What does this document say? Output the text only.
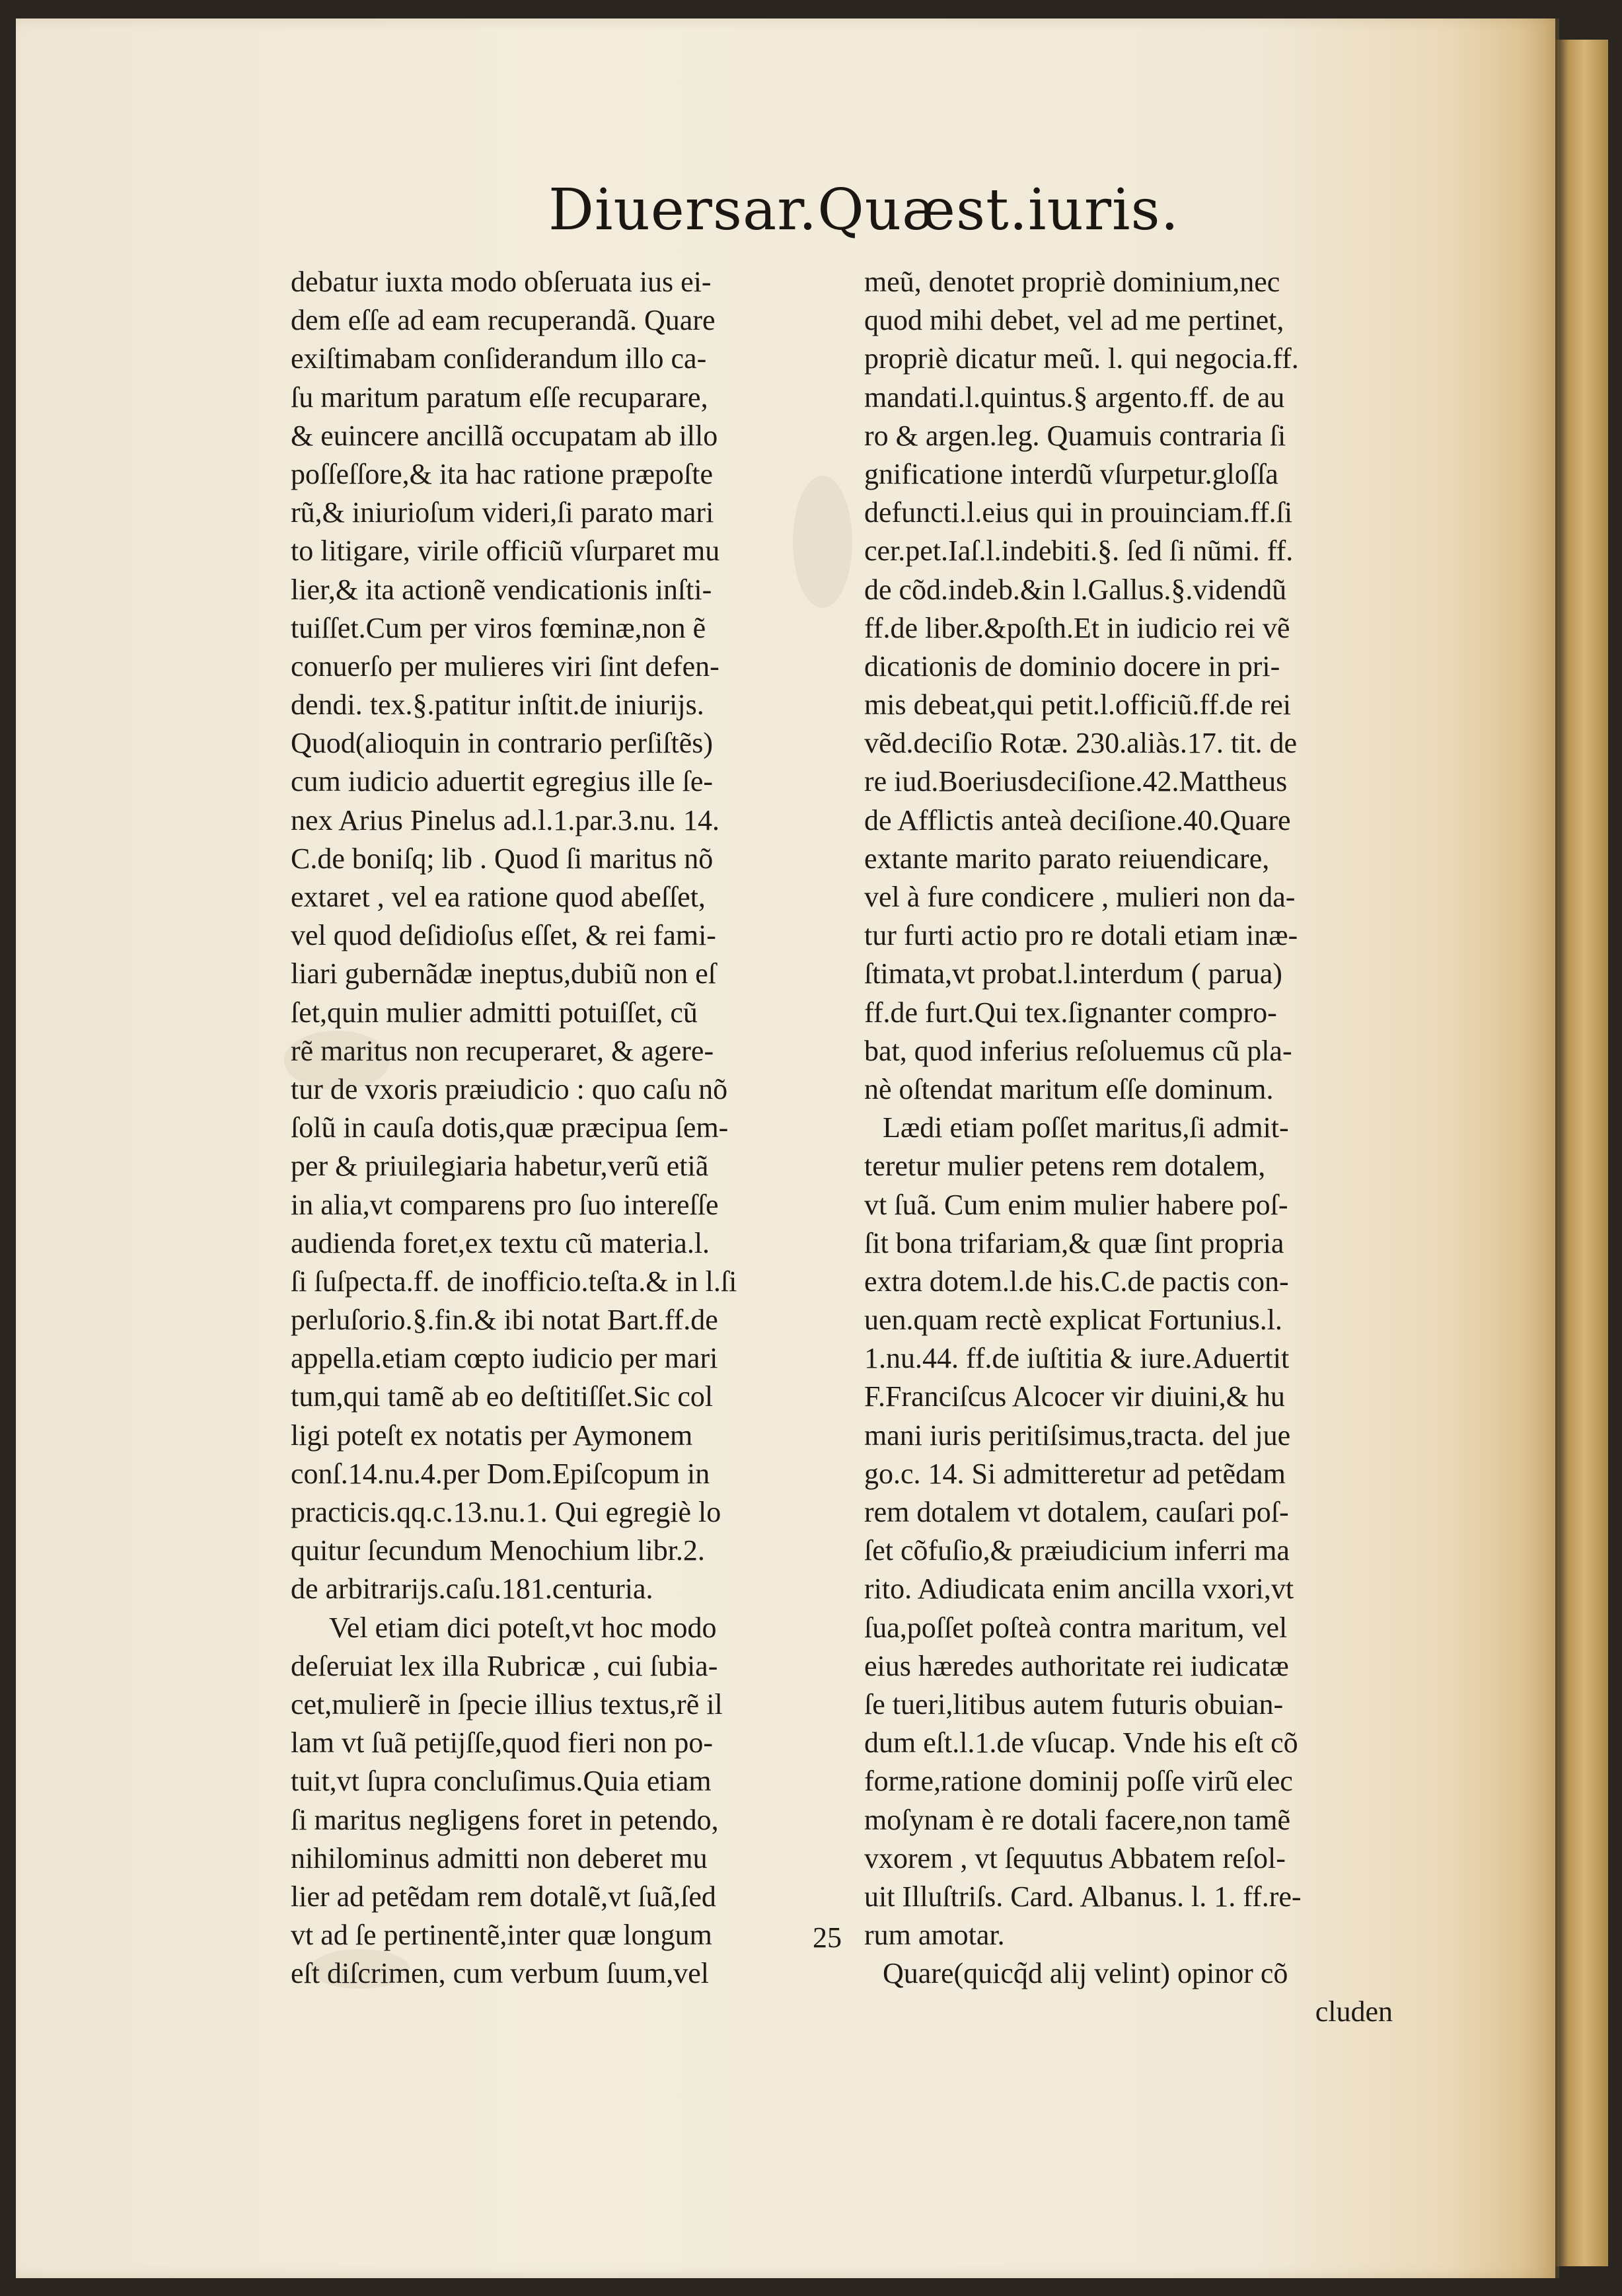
Diuersar.Quæst.iuris.
debatur iuxta modo obſeruata ius ei-
dem eſſe ad eam recuperandã. Quare
exiſtimabam conſiderandum illo ca-
ſu maritum paratum eſſe recuparare,
& euincere ancillã occupatam ab illo
poſſeſſore,& ita hac ratione præpoſte
rũ,& iniurioſum videri,ſi parato mari
to litigare, virile officiũ vſurparet mu
lier,& ita actionẽ vendicationis inſti-
tuiſſet.Cum per viros fœminæ,non ẽ
conuerſo per mulieres viri ſint defen-
dendi. tex.§.patitur inſtit.de iniurijs.
Quod(alioquin in contrario perſiſtẽs)
cum iudicio aduertit egregius ille ſe-
nex Arius Pinelus ad.l.1.par.3.nu. 14.
C.de boniſq; lib . Quod ſi maritus nõ
extaret , vel ea ratione quod abeſſet,
vel quod deſidioſus eſſet, & rei fami-
liari gubernãdæ ineptus,dubiũ non eſ
ſet,quin mulier admitti potuiſſet, cũ
rẽ maritus non recuperaret, & agere-
tur de vxoris præiudicio : quo caſu nõ
ſolũ in cauſa dotis,quæ præcipua ſem-
per & priuilegiaria habetur,verũ etiã
in alia,vt comparens pro ſuo intereſſe
audienda foret,ex textu cũ materia.l.
ſi ſuſpecta.ff. de inofficio.teſta.& in l.ſi
perluſorio.§.fin.& ibi notat Bart.ff.de
appella.etiam cœpto iudicio per mari
tum,qui tamẽ ab eo deſtitiſſet.Sic col
ligi poteſt ex notatis per Aymonem
conſ.14.nu.4.per Dom.Epiſcopum in
practicis.qq.c.13.nu.1. Qui egregiè lo
quitur ſecundum Menochium libr.2.
de arbitrarijs.caſu.181.centuria.
Vel etiam dici poteſt,vt hoc modo
deſeruiat lex illa Rubricæ , cui ſubia-
cet,mulierẽ in ſpecie illius textus,rẽ il
lam vt ſuã petijſſe,quod fieri non po-
tuit,vt ſupra concluſimus.Quia etiam
ſi maritus negligens foret in petendo,
nihilominus admitti non deberet mu
lier ad petẽdam rem dotalẽ,vt ſuã,ſed
vt ad ſe pertinentẽ,inter quæ longum
eſt diſcrimen, cum verbum ſuum,vel
meũ, denotet propriè dominium,nec
quod mihi debet, vel ad me pertinet,
propriè dicatur meũ. l. qui negocia.ff.
mandati.l.quintus.§ argento.ff. de au
ro & argen.leg. Quamuis contraria ſi
gnificatione interdũ vſurpetur.gloſſa
defuncti.l.eius qui in prouinciam.ff.ſi
cer.pet.Iaſ.l.indebiti.§. ſed ſi nũmi. ff.
de cõd.indeb.&in l.Gallus.§.videndũ
ff.de liber.&poſth.Et in iudicio rei vẽ
dicationis de dominio docere in pri-
mis debeat,qui petit.l.officiũ.ff.de rei
vẽd.deciſio Rotæ. 230.aliàs.17. tit. de
re iud.Boeriusdeciſione.42.Mattheus
de Afflictis anteà deciſione.40.Quare
extante marito parato reiuendicare,
vel à fure condicere , mulieri non da-
tur furti actio pro re dotali etiam inæ-
ſtimata,vt probat.l.interdum ( parua)
ff.de furt.Qui tex.ſignanter compro-
bat, quod inferius reſoluemus cũ pla-
nè oſtendat maritum eſſe dominum.
Lædi etiam poſſet maritus,ſi admit-
teretur mulier petens rem dotalem,
vt ſuã. Cum enim mulier habere poſ-
ſit bona trifariam,& quæ ſint propria
extra dotem.l.de his.C.de pactis con-
uen.quam rectè explicat Fortunius.l.
1.nu.44. ff.de iuſtitia & iure.Aduertit
F.Franciſcus Alcocer vir diuini,& hu
mani iuris peritiſsimus,tracta. del jue
go.c. 14. Si admitteretur ad petẽdam
rem dotalem vt dotalem, cauſari poſ-
ſet cõfuſio,& præiudicium inferri ma
rito. Adiudicata enim ancilla vxori,vt
ſua,poſſet poſteà contra maritum, vel
eius hæredes authoritate rei iudicatæ
ſe tueri,litibus autem futuris obuian-
dum eſt.l.1.de vſucap. Vnde his eſt cõ
forme,ratione dominij poſſe virũ elec
moſynam è re dotali facere,non tamẽ
vxorem , vt ſequutus Abbatem reſol-
uit Illuſtriſs. Card. Albanus. l. 1. ff.re-
rum amotar.
Quare(quicq̃d alij velint) opinor cõ
cluden
25
